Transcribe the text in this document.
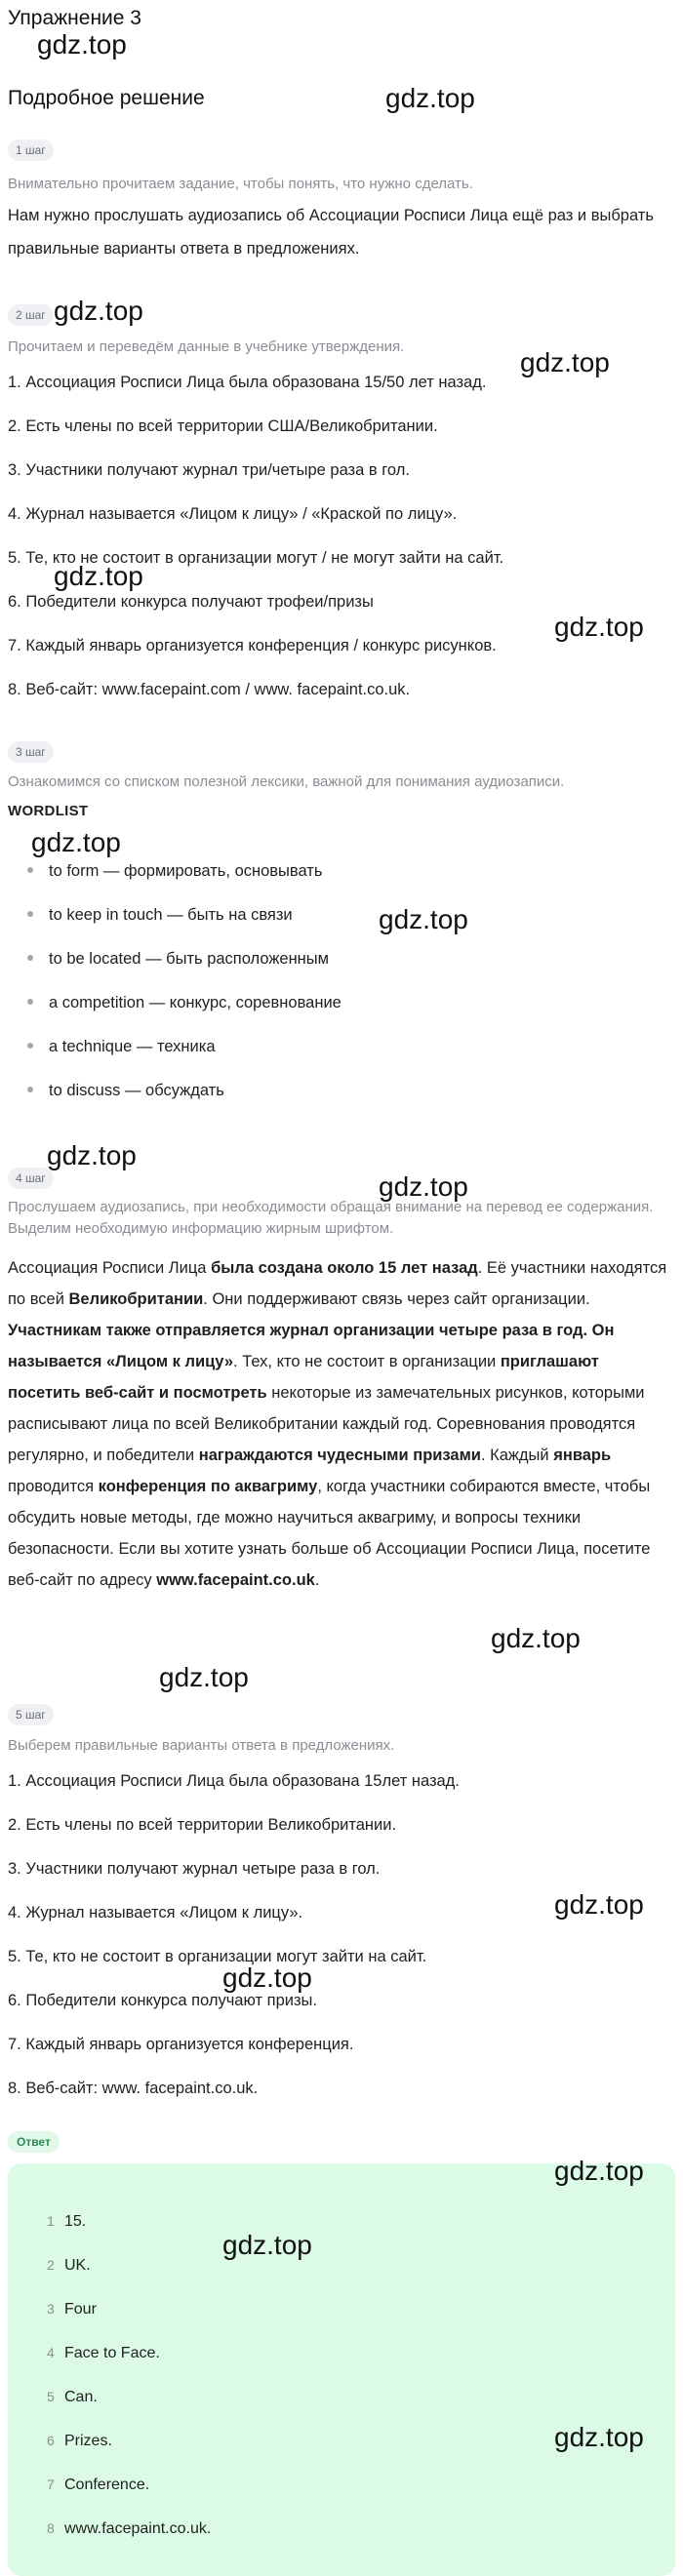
Упражнение 3
Подробное решение
1 шаг
Внимательно прочитаем задание, чтобы понять, что нужно сделать.
Нам нужно прослушать аудиозапись об Ассоциации Росписи Лица ещё раз и выбрать правильные варианты ответа в предложениях.
2 шаг
Прочитаем и переведём данные в учебнике утверждения.
1. Ассоциация Росписи Лица была образована 15/50 лет назад.
2. Есть члены по всей территории США/Великобритании.
3. Участники получают журнал три/четыре раза в гол.
4. Журнал называется «Лицом к лицу» / «Краской по лицу».
5. Те, кто не состоит в организации могут / не могут зайти на сайт.
6. Победители конкурса получают трофеи/призы
7. Каждый январь организуется конференция / конкурс рисунков.
8. Веб-сайт: www.facepaint.com / www. facepaint.co.uk.
3 шаг
Ознакомимся со списком полезной лексики, важной для понимания аудиозаписи.
WORDLIST
to form — формировать, основывать
to keep in touch — быть на связи
to be located — быть расположенным
a competition — конкурс, соревнование
a technique — техника
to discuss — обсуждать
4 шаг
Прослушаем аудиозапись, при необходимости обращая внимание на перевод ее содержания. Выделим необходимую информацию жирным шрифтом.
Ассоциация Росписи Лица была создана около 15 лет назад. Её участники находятся по всей Великобритании. Они поддерживают связь через сайт организации. Участникам также отправляется журнал организации четыре раза в год. Он называется «Лицом к лицу». Тех, кто не состоит в организации приглашают посетить веб-сайт и посмотреть некоторые из замечательных рисунков, которыми расписывают лица по всей Великобритании каждый год. Соревнования проводятся регулярно, и победители награждаются чудесными призами. Каждый январь проводится конференция по аквагриму, когда участники собираются вместе, чтобы обсудить новые методы, где можно научиться аквагриму, и вопросы техники безопасности. Если вы хотите узнать больше об Ассоциации Росписи Лица, посетите веб-сайт по адресу www.facepaint.co.uk.
5 шаг
Выберем правильные варианты ответа в предложениях.
1. Ассоциация Росписи Лица была образована 15лет назад.
2. Есть члены по всей территории Великобритании.
3. Участники получают журнал четыре раза в гол.
4. Журнал называется «Лицом к лицу».
5. Те, кто не состоит в организации могут зайти на сайт.
6. Победители конкурса получают призы.
7. Каждый январь организуется конференция.
8. Веб-сайт: www. facepaint.co.uk.
Ответ
1 15.
2 UK.
3 Four
4 Face to Face.
5 Can.
6 Prizes.
7 Conference.
8 www.facepaint.co.uk.
gdz.top
gdz.top
gdz.top
gdz.top
gdz.top
gdz.top
gdz.top
gdz.top
gdz.top
gdz.top
gdz.top
gdz.top
gdz.top
gdz.top
gdz.top
gdz.top
gdz.top
